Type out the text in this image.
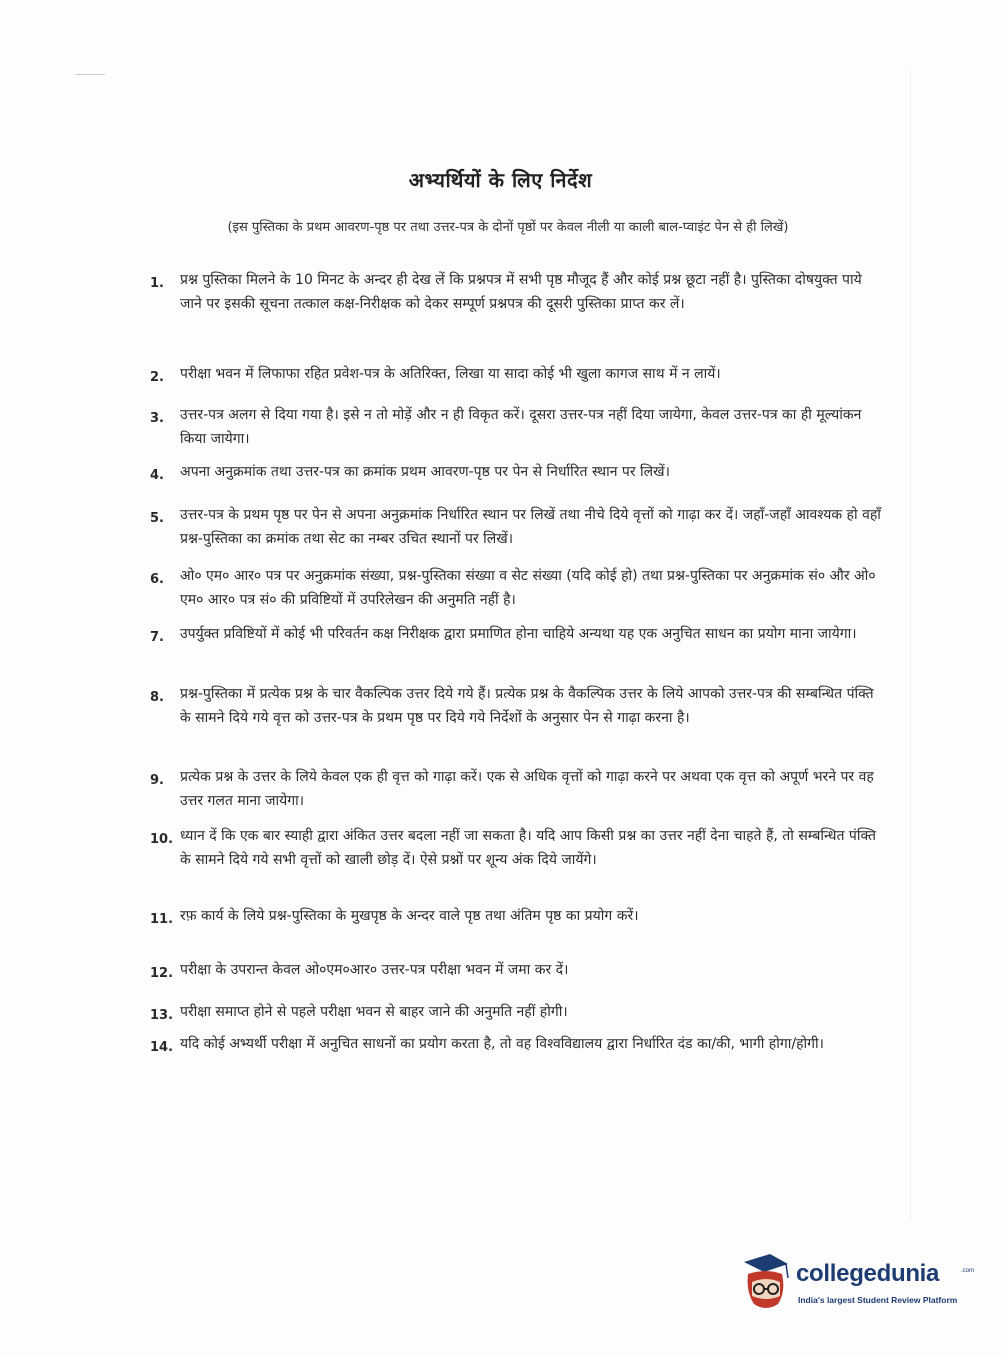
अभ्यर्थियों के लिए निर्देश
(इस पुस्तिका के प्रथम आवरण-पृष्ठ पर तथा उत्तर-पत्र के दोनों पृष्ठों पर केवल नीली या काली बाल-प्वाइंट पेन से ही लिखें)
1.	प्रश्न पुस्तिका मिलने के 10 मिनट के अन्दर ही देख लें कि प्रश्नपत्र में सभी पृष्ठ मौजूद हैं और कोई प्रश्न छूटा नहीं है। पुस्तिका दोषयुक्त पाये जाने पर इसकी सूचना तत्काल कक्ष-निरीक्षक को देकर सम्पूर्ण प्रश्नपत्र की दूसरी पुस्तिका प्राप्त कर लें।
2.	परीक्षा भवन में लिफाफा रहित प्रवेश-पत्र के अतिरिक्त, लिखा या सादा कोई भी खुला कागज साथ में न लायें।
3.	उत्तर-पत्र अलग से दिया गया है। इसे न तो मोड़ें और न ही विकृत करें। दूसरा उत्तर-पत्र नहीं दिया जायेगा, केवल उत्तर-पत्र का ही मूल्यांकन किया जायेगा।
4.	अपना अनुक्रमांक तथा उत्तर-पत्र का क्रमांक प्रथम आवरण-पृष्ठ पर पेन से निर्धारित स्थान पर लिखें।
5.	उत्तर-पत्र के प्रथम पृष्ठ पर पेन से अपना अनुक्रमांक निर्धारित स्थान पर लिखें तथा नीचे दिये वृत्तों को गाढ़ा कर दें। जहाँ-जहाँ आवश्यक हो वहाँ प्रश्न-पुस्तिका का क्रमांक तथा सेट का नम्बर उचित स्थानों पर लिखें।
6.	ओ० एम० आर० पत्र पर अनुक्रमांक संख्या, प्रश्न-पुस्तिका संख्या व सेट संख्या (यदि कोई हो) तथा प्रश्न-पुस्तिका पर अनुक्रमांक सं० और ओ० एम० आर० पत्र सं० की प्रविष्टियों में उपरिलेखन की अनुमति नहीं है।
7.	उपर्युक्त प्रविष्टियों में कोई भी परिवर्तन कक्ष निरीक्षक द्वारा प्रमाणित होना चाहिये अन्यथा यह एक अनुचित साधन का प्रयोग माना जायेगा।
8.	प्रश्न-पुस्तिका में प्रत्येक प्रश्न के चार वैकल्पिक उत्तर दिये गये हैं। प्रत्येक प्रश्न के वैकल्पिक उत्तर के लिये आपको उत्तर-पत्र की सम्बन्धित पंक्ति के सामने दिये गये वृत्त को उत्तर-पत्र के प्रथम पृष्ठ पर दिये गये निर्देशों के अनुसार पेन से गाढ़ा करना है।
9.	प्रत्येक प्रश्न के उत्तर के लिये केवल एक ही वृत्त को गाढ़ा करें। एक से अधिक वृत्तों को गाढ़ा करने पर अथवा एक वृत्त को अपूर्ण भरने पर वह उत्तर गलत माना जायेगा।
10. ध्यान दें कि एक बार स्याही द्वारा अंकित उत्तर बदला नहीं जा सकता है। यदि आप किसी प्रश्न का उत्तर नहीं देना चाहते हैं, तो सम्बन्धित पंक्ति के सामने दिये गये सभी वृत्तों को खाली छोड़ दें। ऐसे प्रश्नों पर शून्य अंक दिये जायेंगे।
11. रफ़ कार्य के लिये प्रश्न-पुस्तिका के मुखपृष्ठ के अन्दर वाले पृष्ठ तथा अंतिम पृष्ठ का प्रयोग करें।
12. परीक्षा के उपरान्त केवल ओ०एम०आर० उत्तर-पत्र परीक्षा भवन में जमा कर दें।
13. परीक्षा समाप्त होने से पहले परीक्षा भवन से बाहर जाने की अनुमति नहीं होगी।
14. यदि कोई अभ्यर्थी परीक्षा में अनुचित साधनों का प्रयोग करता है, तो वह विश्वविद्यालय द्वारा निर्धारित दंड का/की, भागी होगा/होगी।
collegedunia	.com
India's largest Student Review Platform
